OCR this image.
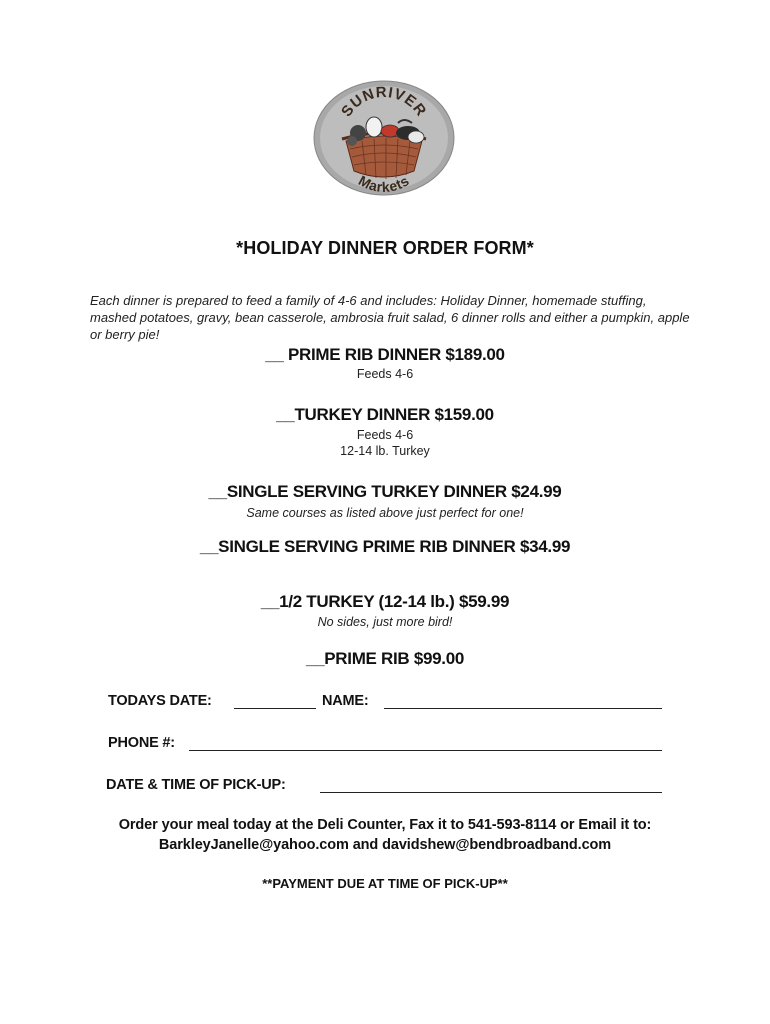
SUNRIVER
Markets
*HOLIDAY DINNER ORDER FORM*
Each dinner is prepared to feed a family of 4-6 and includes: Holiday Dinner, homemade stuffing, mashed potatoes, gravy, bean casserole, ambrosia fruit salad, 6 dinner rolls and either a pumpkin, apple or berry pie!
__ PRIME RIB DINNER $189.00
Feeds 4-6
__TURKEY DINNER $159.00
Feeds 4-6
12-14 lb. Turkey
__SINGLE SERVING TURKEY DINNER $24.99
Same courses as listed above just perfect for one!
__SINGLE SERVING PRIME RIB DINNER $34.99
__1/2 TURKEY (12-14 lb.) $59.99
No sides, just more bird!
__PRIME RIB $99.00
TODAYS DATE:	NAME:
PHONE #:
DATE & TIME OF PICK-UP:
Order your meal today at the Deli Counter, Fax it to 541-593-8114 or Email it to:
BarkleyJanelle@yahoo.com and davidshew@bendbroadband.com
**PAYMENT DUE AT TIME OF PICK-UP**
